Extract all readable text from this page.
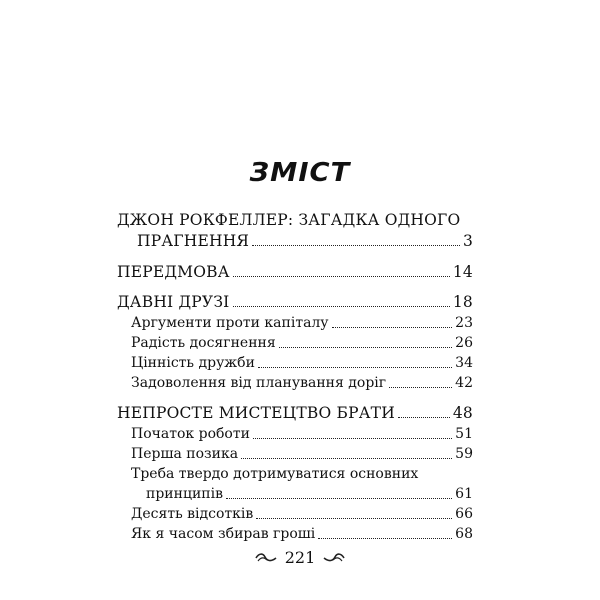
ЗМІСТ
ДЖОН РОКФЕЛЛЕР: ЗАГАДКА ОДНОГО
ПРАГНЕННЯ	3
ПЕРЕДМОВА	14
ДАВНІ ДРУЗІ	18
Аргументи проти капіталу	23
Радість досягнення	26
Цінність дружби	34
Задоволення від планування доріг	42
НЕПРОСТЕ МИСТЕЦТВО БРАТИ	48
Початок роботи	51
Перша позика	59
Треба твердо дотримуватися основних
принципів	61
Десять відсотків	66
Як я часом збирав гроші	68
221
